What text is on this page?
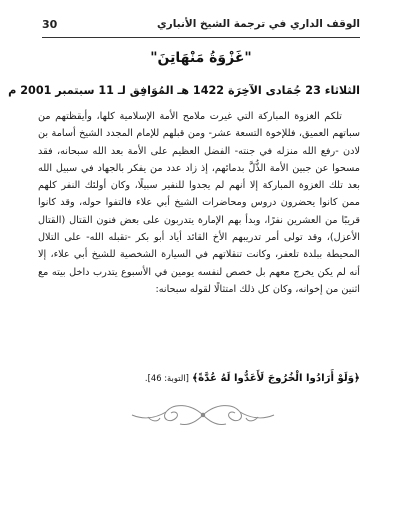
الوقف الداري في ترجمة الشيخ الأنباري
30
"غَزْوَةُ مَنْهَاتِنَ"
الثلاثاء 23 جُمَادى الآخِرَة 1422 هـ المُوَافِق لـ 11 سبتمبر 2001 م

تلكم الغزوة المباركة التي غيرت ملامح الأمة الإسلامية كلها، وأيقظتهم من سباتهم العميق، فللإخوة التسعة عشر- ومن قبلهم للإمام المجدد الشيخ أسامة بن لادن -رفع الله منزله في جنته- الفضل العظيم على الأمة بعد الله سبحانه، فقد مسحوا عن جبين الأمة الذُّلَّ بدمائهم، إذ زاد عدد من يفكر بالجهاد في سبيل الله بعد تلك الغزوة المباركة إلا أنهم لم يجدوا للنفير سبيلًا، وكان أولئك النفر كلهم ممن كانوا يحضرون دروس ومحاضرات الشيخ أبي علاء فالتفوا حوله، وقد كانوا قريبًا من العشرين نفرًا، وبدأ بهم الإمارة يتدربون على بعض فنون القتال (القتال الأعزل)، وقد تولى أمر تدريبهم الأخ القائد أياد أبو بكر -تقبله الله- على التلال المحيطة ببلدة تلعفر، وكانت تنقلاتهم في السيارة الشخصية للشيخ أبي علاء، إلا أنه لم يكن يخرج معهم بل خصص لنفسه يومين في الأسبوع يتدرب داخل بيته مع اثنين من إخوانه، وكان كل ذلك امتثالًا لقوله سبحانه:

﴿وَلَوْ أَرَادُوا الْخُرُوجَ لَأَعَدُّوا لَهُ عُدَّةً﴾ [التوبة: 46].
